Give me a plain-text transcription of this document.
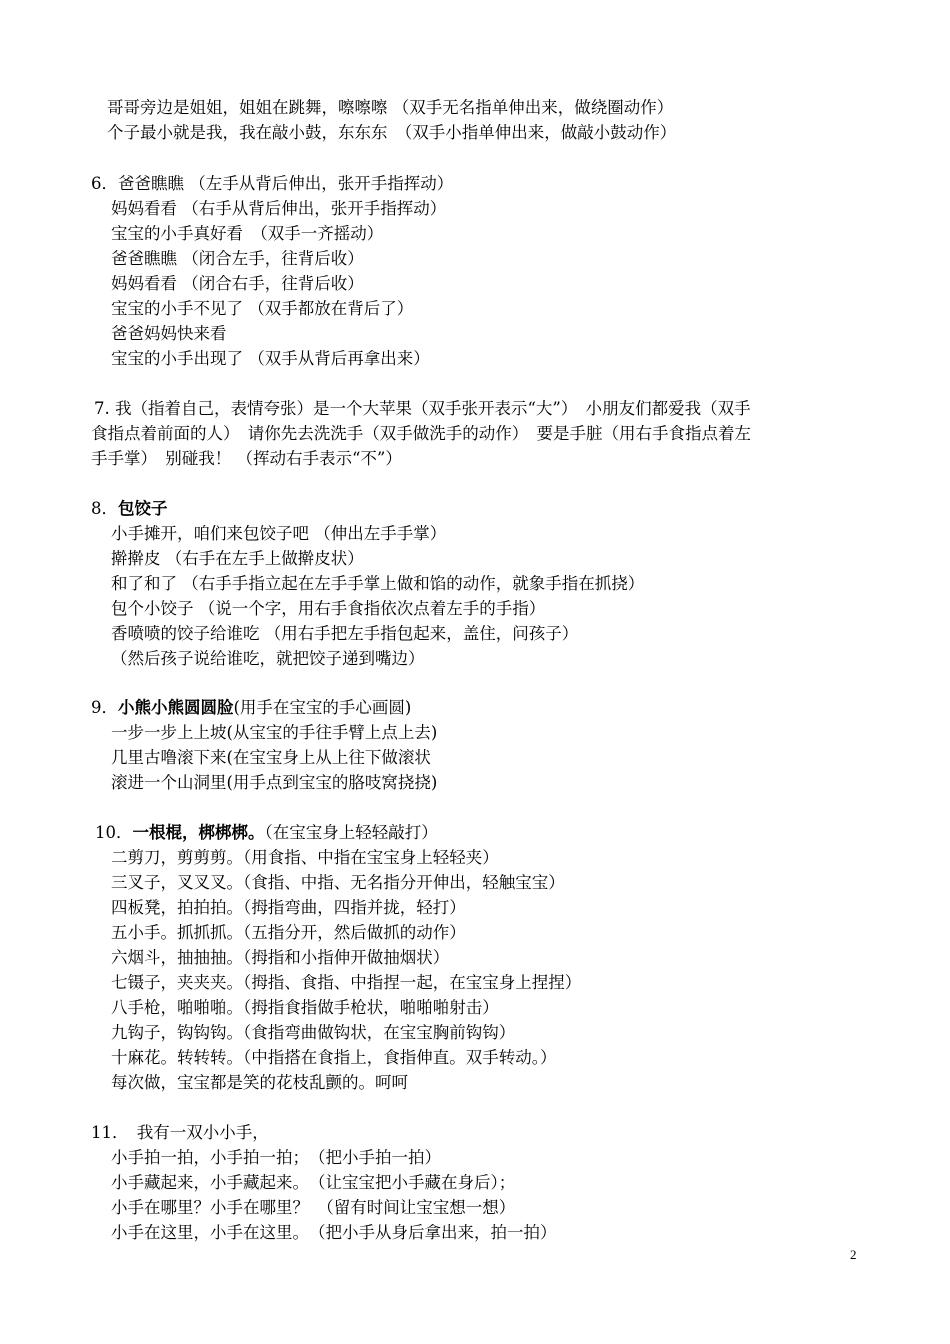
哥哥旁边是姐姐，姐姐在跳舞，嚓嚓嚓 （双手无名指单伸出来，做绕圈动作）
个子最小就是我，我在敲小鼓，东东东　（双手小指单伸出来，做敲小鼓动作）
6．爸爸瞧瞧 （左手从背后伸出，张开手指挥动）
妈妈看看 （右手从背后伸出，张开手指挥动）
宝宝的小手真好看　（双手一齐摇动）
爸爸瞧瞧 （闭合左手，往背后收）
妈妈看看 （闭合右手，往背后收）
宝宝的小手不见了 （双手都放在背后了）
爸爸妈妈快来看
宝宝的小手出现了 （双手从背后再拿出来）
7. 我（指着自己，表情夸张）是一个大苹果（双手张开表示“大”）　小朋友们都爱我（双手
食指点着前面的人）　请你先去洗洗手（双手做洗手的动作）　要是手脏（用右手食指点着左
手手掌）　别碰我！ （挥动右手表示“不”）
8．包饺子
小手摊开，咱们来包饺子吧 （伸出左手手掌）
擀擀皮 （右手在左手上做擀皮状）
和了和了 （右手手指立起在左手手掌上做和馅的动作，就象手指在抓挠）
包个小饺子 （说一个字，用右手食指依次点着左手的手指）
香喷喷的饺子给谁吃 （用右手把左手指包起来，盖住，问孩子）
（然后孩子说给谁吃，就把饺子递到嘴边）
9．小熊小熊圆圆脸(用手在宝宝的手心画圆)
一步一步上上坡(从宝宝的手往手臂上点上去)
几里古噜滚下来(在宝宝身上从上往下做滚状
滚进一个山洞里(用手点到宝宝的胳吱窝挠挠)
10．一根棍，梆梆梆。（在宝宝身上轻轻敲打）
二剪刀，剪剪剪。（用食指、中指在宝宝身上轻轻夹）
三叉子，叉叉叉。（食指、中指、无名指分开伸出，轻触宝宝）
四板凳，拍拍拍。（拇指弯曲，四指并拢，轻打）
五小手。抓抓抓。（五指分开，然后做抓的动作）
六烟斗，抽抽抽。（拇指和小指伸开做抽烟状）
七镊子，夹夹夹。（拇指、食指、中指捏一起，在宝宝身上捏捏）
八手枪，啪啪啪。（拇指食指做手枪状，啪啪啪射击）
九钩子，钩钩钩。（食指弯曲做钩状，在宝宝胸前钩钩）
十麻花。转转转。（中指搭在食指上，食指伸直。双手转动。）
每次做，宝宝都是笑的花枝乱颤的。呵呵
11．　我有一双小小手，
小手拍一拍，小手拍一拍；　（把小手拍一拍）
小手藏起来，小手藏起来。　（让宝宝把小手藏在身后）；
小手在哪里？小手在哪里？　（留有时间让宝宝想一想）
小手在这里，小手在这里。　（把小手从身后拿出来，拍一拍）
2
